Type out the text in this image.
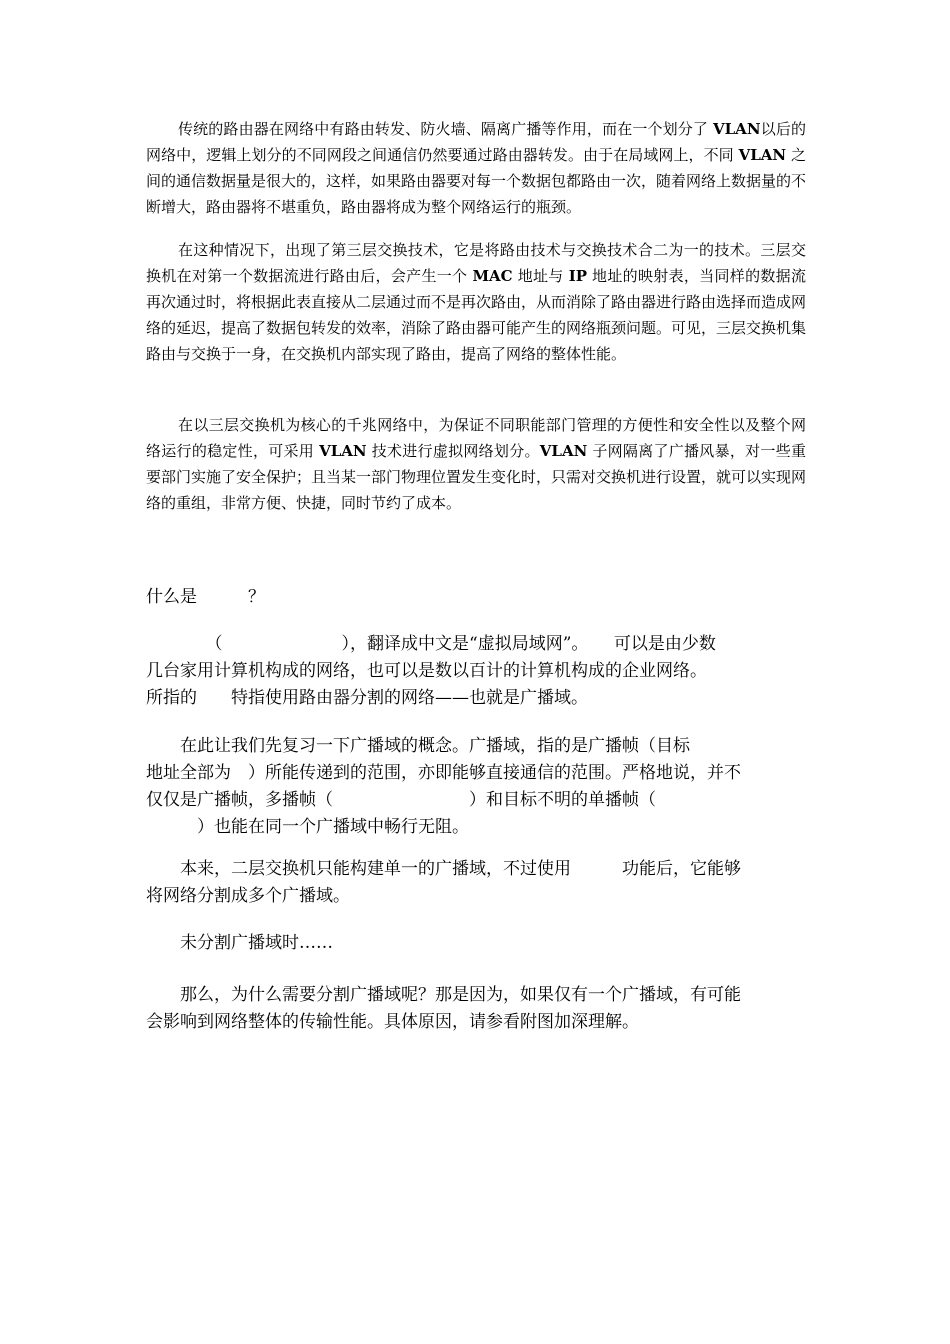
传统的路由器在网络中有路由转发、防火墙、隔离广播等作用，而在一个划分了 VLAN以后的网络中，逻辑上划分的不同网段之间通信仍然要通过路由器转发。由于在局域网上，不同 VLAN 之间的通信数据量是很大的，这样，如果路由器要对每一个数据包都路由一次，随着网络上数据量的不断增大，路由器将不堪重负，路由器将成为整个网络运行的瓶颈。

在这种情况下，出现了第三层交换技术，它是将路由技术与交换技术合二为一的技术。三层交换机在对第一个数据流进行路由后，会产生一个 MAC 地址与 IP 地址的映射表，当同样的数据流再次通过时，将根据此表直接从二层通过而不是再次路由，从而消除了路由器进行路由选择而造成网络的延迟，提高了数据包转发的效率，消除了路由器可能产生的网络瓶颈问题。可见，三层交换机集路由与交换于一身，在交换机内部实现了路由，提高了网络的整体性能。

在以三层交换机为核心的千兆网络中，为保证不同职能部门管理的方便性和安全性以及整个网络运行的稳定性，可采用 VLAN 技术进行虚拟网络划分。VLAN 子网隔离了广播风暴，对一些重要部门实施了安全保护；且当某一部门物理位置发生变化时，只需对交换机进行设置，就可以实现网络的重组，非常方便、快捷，同时节约了成本。

什么是　　　？

　　　　（　　　　　　　），翻译成中文是“虚拟局域网”。　　可以是由少数
几台家用计算机构成的网络，也可以是数以百计的计算机构成的企业网络。
所指的　　特指使用路由器分割的网络——也就是广播域。

　　在此让我们先复习一下广播域的概念。广播域，指的是广播帧（目标
地址全部为　）所能传递到的范围，亦即能够直接通信的范围。严格地说，并不
仅仅是广播帧，多播帧（　　　　　　　　）和目标不明的单播帧（
　　　）也能在同一个广播域中畅行无阻。

　　本来，二层交换机只能构建单一的广播域，不过使用　　　功能后，它能够
将网络分割成多个广播域。

　　未分割广播域时……

　　那么，为什么需要分割广播域呢？那是因为，如果仅有一个广播域，有可能
会影响到网络整体的传输性能。具体原因，请参看附图加深理解。
